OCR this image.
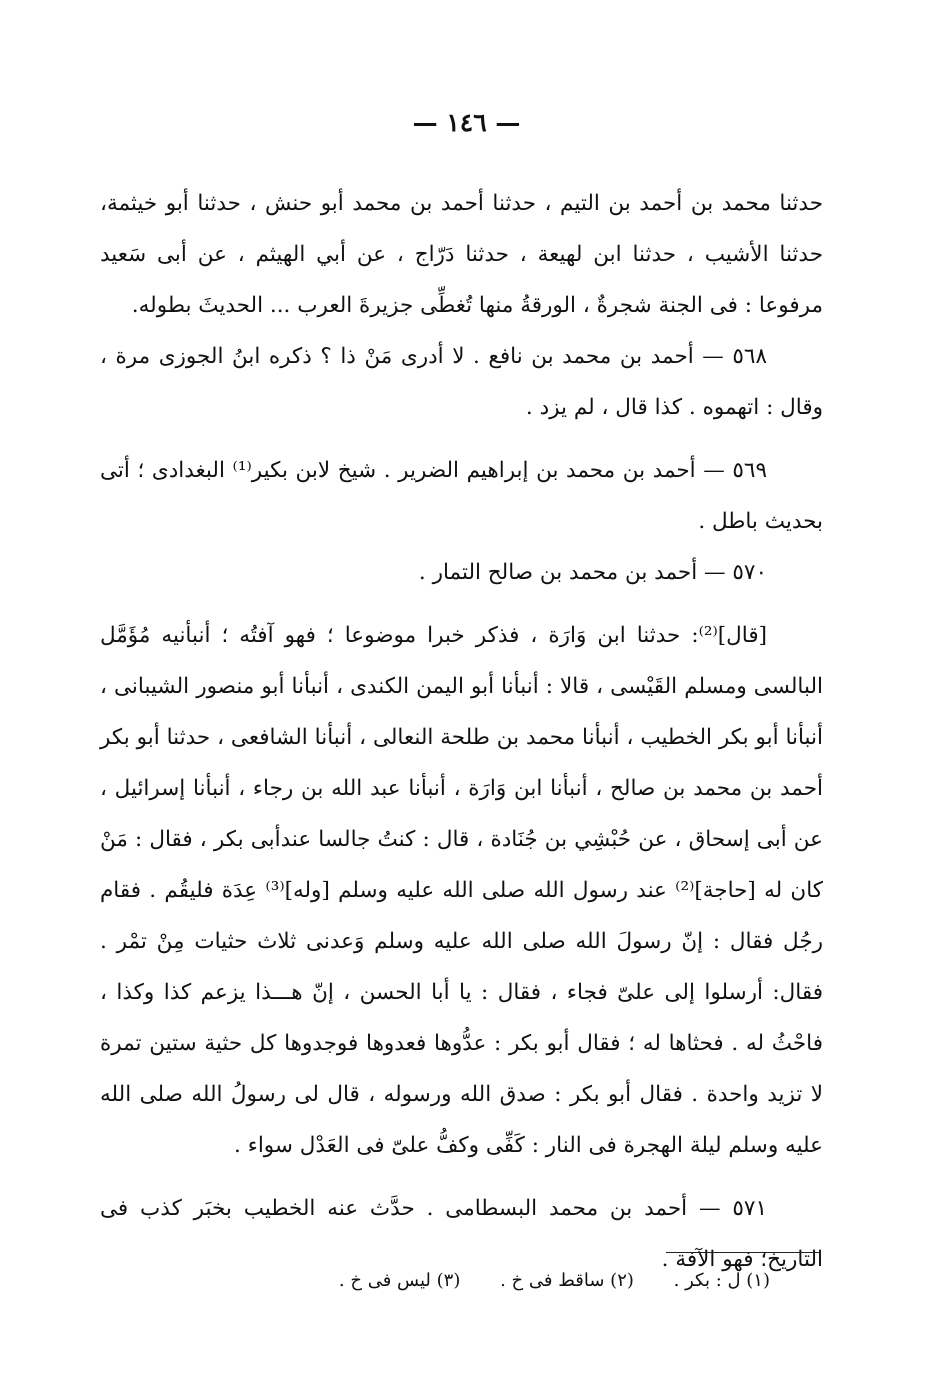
— ١٤٦ —

حدثنا محمد بن أحمد بن التيم ، حدثنا أحمد بن محمد أبو حنش ، حدثنا أبو خيثمة، حدثنا الأشيب ، حدثنا ابن لهيعة ، حدثنا دَرّاج ، عن أبي الهيثم ، عن أبى سَعيد مرفوعا : فى الجنة شجرةٌ ، الورقةُ منها تُغطِّى جزيرةَ العرب ... الحديثَ بطوله.

٥٦٨ — أحمد بن محمد بن نافع . لا أدرى مَنْ ذا ؟ ذكره ابنُ الجوزى مرة ، وقال : اتهموه . كذا قال ، لم يزد .

٥٦٩ — أحمد بن محمد بن إبراهيم الضرير . شيخ لابن بكير⁽¹⁾ البغدادى ؛ أتى بحديث باطل .

٥٧٠ — أحمد بن محمد بن صالح التمار .

[قال]⁽²⁾: حدثنا ابن وَارَة ، فذكر خبرا موضوعا ؛ فهو آفتُه ؛ أنبأنيه مُؤَمَّل البالسى ومسلم القَيْسى ، قالا : أنبأنا أبو اليمن الكندى ، أنبأنا أبو منصور الشيبانى ، أنبأنا أبو بكر الخطيب ، أنبأنا محمد بن طلحة النعالى ، أنبأنا الشافعى ، حدثنا أبو بكر أحمد بن محمد بن صالح ، أنبأنا ابن وَارَة ، أنبأنا عبد الله بن رجاء ، أنبأنا إسرائيل ، عن أبى إسحاق ، عن حُبْشِي بن جُنَادة ، قال : كنتُ جالسا عندأبى بكر ، فقال : مَنْ كان له [حاجة]⁽²⁾ عند رسول الله صلى الله عليه وسلم [وله]⁽³⁾ عِدَة فليقُم . فقام رجُل فقال : إنّ رسولَ الله صلى الله عليه وسلم وَعدنى ثلاث حثيات مِنْ تمْر . فقال: أرسلوا إلى علىّ فجاء ، فقال : يا أبا الحسن ، إنّ هـــذا يزعم كذا وكذا ، فاحْثُ له . فحثاها له ؛ فقال أبو بكر : عدُّوها فعدوها فوجدوها كل حثية ستين تمرة لا تزيد واحدة . فقال أبو بكر : صدق الله ورسوله ، قال لى رسولُ الله صلى الله عليه وسلم ليلة الهجرة فى النار : كَفِّى وكفُّ علىّ فى العَدْل سواء .

٥٧١ — أحمد بن محمد البسطامى . حدَّث عنه الخطيب بخبَر كذب فى التاريخ؛ فهو الآفة .

(١) ل : بكر . (٢) ساقط فى خ . (٣) ليس فى خ .
